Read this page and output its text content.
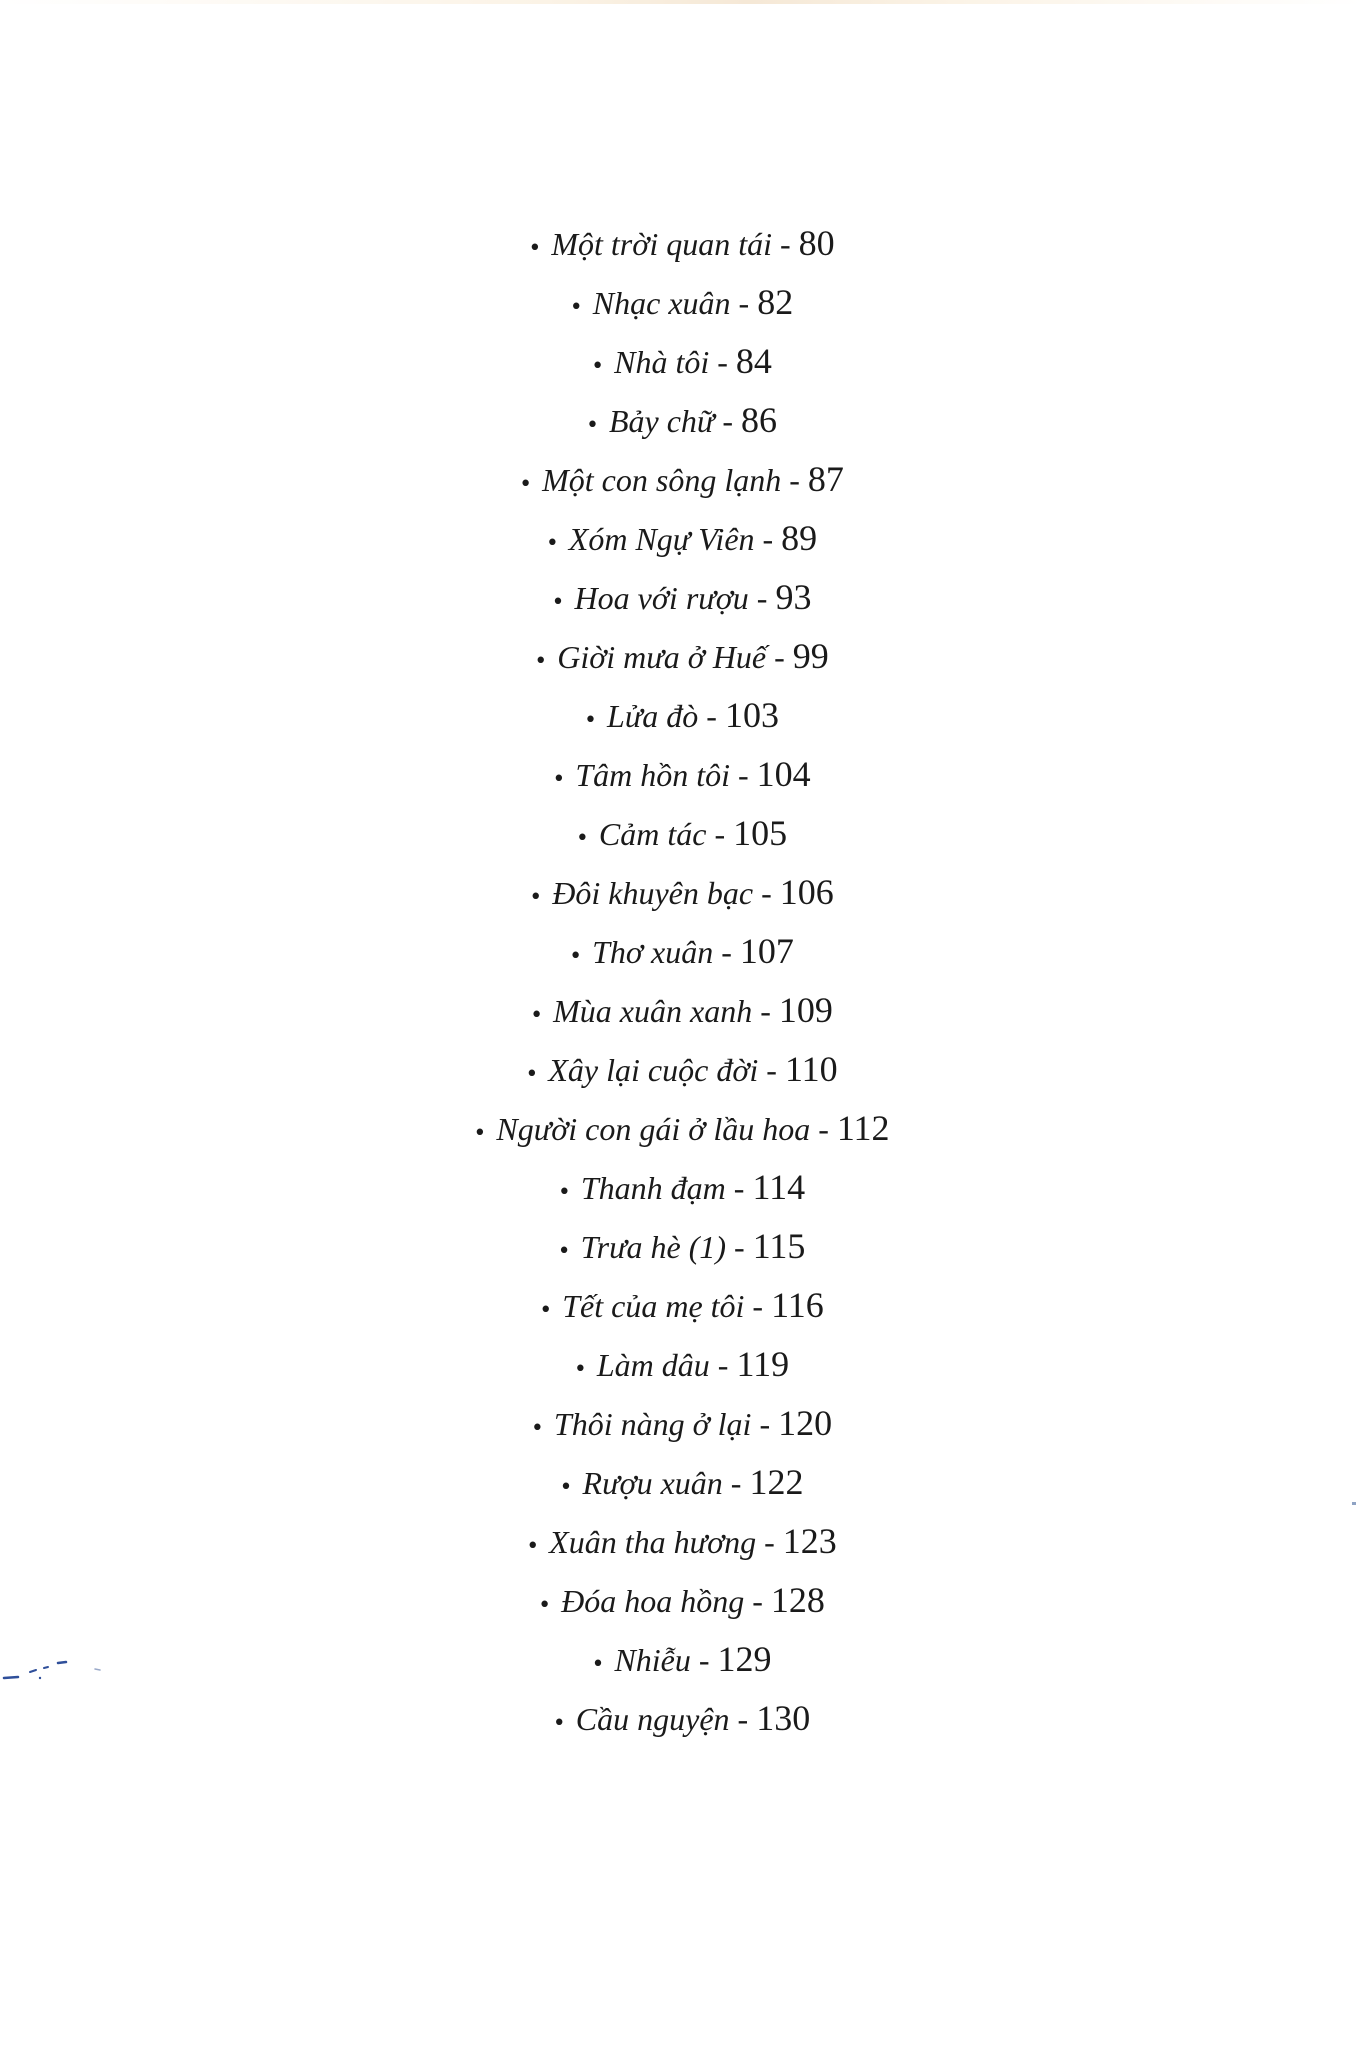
• Một trời quan tái - 80
• Nhạc xuân - 82
• Nhà tôi - 84
• Bảy chữ - 86
• Một con sông lạnh - 87
• Xóm Ngự Viên - 89
• Hoa với rượu - 93
• Giời mưa ở Huế - 99
• Lửa đò - 103
• Tâm hồn tôi - 104
• Cảm tác - 105
• Đôi khuyên bạc - 106
• Thơ xuân - 107
• Mùa xuân xanh - 109
• Xây lại cuộc đời - 110
• Người con gái ở lầu hoa - 112
• Thanh đạm - 114
• Trưa hè (1) - 115
• Tết của mẹ tôi - 116
• Làm dâu - 119
• Thôi nàng ở lại - 120
• Rượu xuân - 122
• Xuân tha hương - 123
• Đóa hoa hồng - 128
• Nhiễu - 129
• Cầu nguyện - 130
